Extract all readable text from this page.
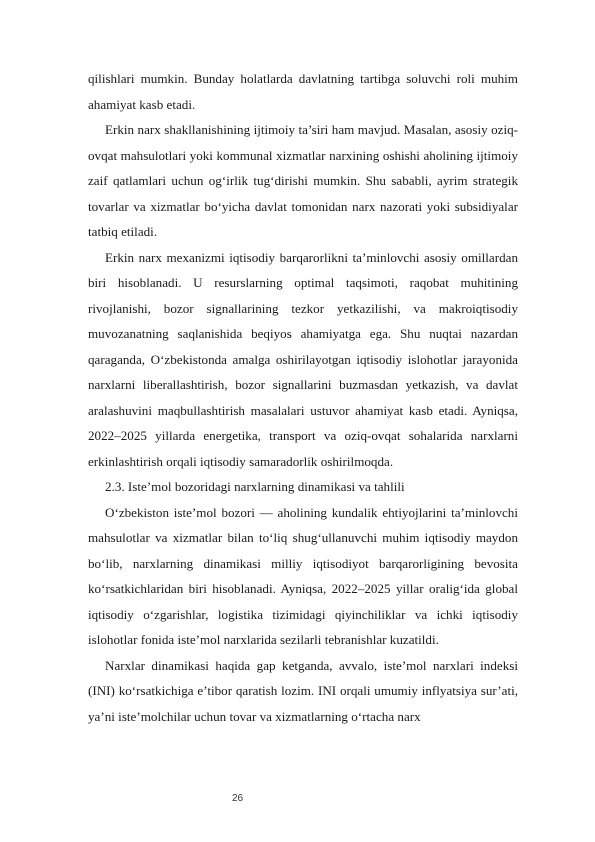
qilishlari mumkin. Bunday holatlarda davlatning tartibga soluvchi roli muhim ahamiyat kasb etadi.

Erkin narx shakllanishining ijtimoiy ta’siri ham mavjud. Masalan, asosiy oziq-ovqat mahsulotlari yoki kommunal xizmatlar narxining oshishi aholining ijtimoiy zaif qatlamlari uchun og‘irlik tug‘dirishi mumkin. Shu sababli, ayrim strategik tovarlar va xizmatlar bo‘yicha davlat tomonidan narx nazorati yoki subsidiyalar tatbiq etiladi.

Erkin narx mexanizmi iqtisodiy barqarorlikni ta’minlovchi asosiy omillardan biri hisoblanadi. U resurslarning optimal taqsimoti, raqobat muhitining rivojlanishi, bozor signallarining tezkor yetkazilishi, va makroiqtisodiy muvozanatning saqlanishida beqiyos ahamiyatga ega. Shu nuqtai nazardan qaraganda, O‘zbekistonda amalga oshirilayotgan iqtisodiy islohotlar jarayonida narxlarni liberallashtirish, bozor signallarini buzmasdan yetkazish, va davlat aralashuvini maqbullashtirish masalalari ustuvor ahamiyat kasb etadi. Ayniqsa, 2022–2025 yillarda energetika, transport va oziq-ovqat sohalarida narxlarni erkinlashtirish orqali iqtisodiy samaradorlik oshirilmoqda.

2.3. Iste’mol bozoridagi narxlarning dinamikasi va tahlili

O‘zbekiston iste’mol bozori — aholining kundalik ehtiyojlarini ta’minlovchi mahsulotlar va xizmatlar bilan to‘liq shug‘ullanuvchi muhim iqtisodiy maydon bo‘lib, narxlarning dinamikasi milliy iqtisodiyot barqarorligining bevosita ko‘rsatkichlaridan biri hisoblanadi. Ayniqsa, 2022–2025 yillar oralig‘ida global iqtisodiy o‘zgarishlar, logistika tizimidagi qiyinchiliklar va ichki iqtisodiy islohotlar fonida iste’mol narxlarida sezilarli tebranishlar kuzatildi.

Narxlar dinamikasi haqida gap ketganda, avvalo, iste’mol narxlari indeksi (INI) ko‘rsatkichiga e’tibor qaratish lozim. INI orqali umumiy inflyatsiya sur’ati, ya’ni iste’molchilar uchun tovar va xizmatlarning o‘rtacha narx

26
